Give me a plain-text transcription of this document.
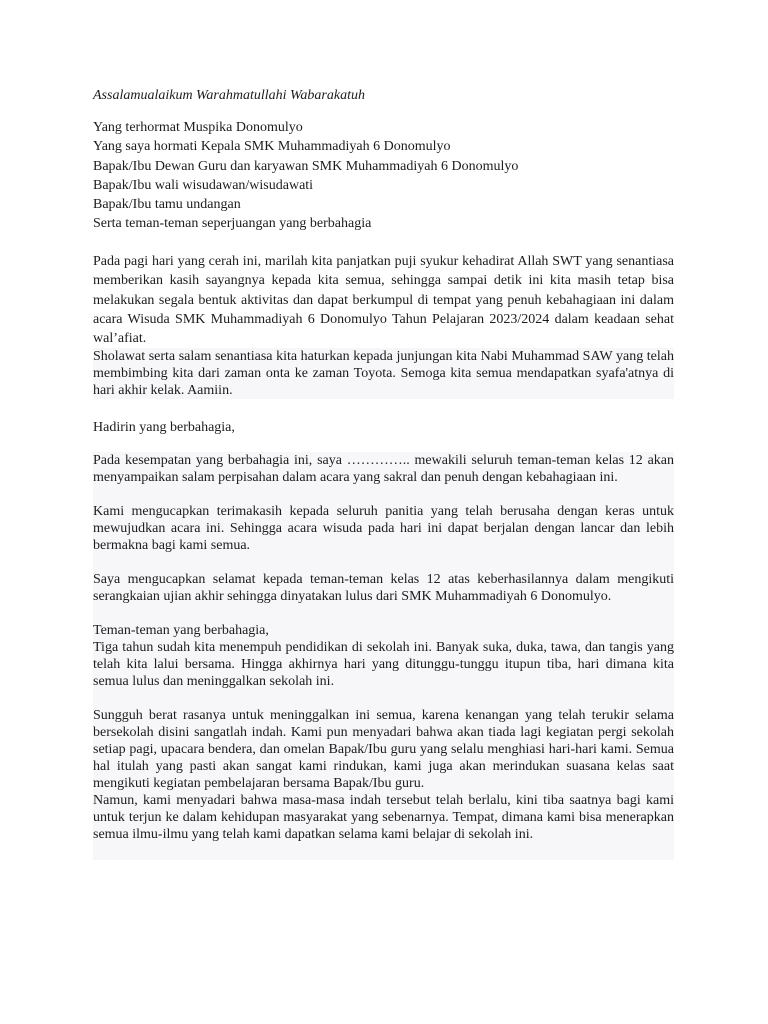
Assalamualaikum Warahmatullahi Wabarakatuh

Yang terhormat Muspika Donomulyo
Yang saya hormati Kepala SMK Muhammadiyah 6 Donomulyo
Bapak/Ibu Dewan Guru dan karyawan SMK Muhammadiyah 6 Donomulyo
Bapak/Ibu wali wisudawan/wisudawati
Bapak/Ibu tamu undangan
Serta teman-teman seperjuangan yang berbahagia

Pada pagi hari yang cerah ini, marilah kita panjatkan puji syukur kehadirat Allah SWT yang senantiasa memberikan kasih sayangnya kepada kita semua, sehingga sampai detik ini kita masih tetap bisa melakukan segala bentuk aktivitas dan dapat berkumpul di tempat yang penuh kebahagiaan ini dalam acara Wisuda SMK Muhammadiyah 6 Donomulyo Tahun Pelajaran 2023/2024 dalam keadaan sehat wal’afiat.

Sholawat serta salam senantiasa kita haturkan kepada junjungan kita Nabi Muhammad SAW yang telah membimbing kita dari zaman onta ke zaman Toyota. Semoga kita semua mendapatkan syafa'atnya di hari akhir kelak. Aamiin.

Hadirin yang berbahagia,

Pada kesempatan yang berbahagia ini, saya ………….. mewakili seluruh teman-teman kelas 12 akan menyampaikan salam perpisahan dalam acara yang sakral dan penuh dengan kebahagiaan ini.

Kami mengucapkan terimakasih kepada seluruh panitia yang telah berusaha dengan keras untuk mewujudkan acara ini. Sehingga acara wisuda pada hari ini dapat berjalan dengan lancar dan lebih bermakna bagi kami semua.

Saya mengucapkan selamat kepada teman-teman kelas 12 atas keberhasilannya dalam mengikuti serangkaian ujian akhir sehingga dinyatakan lulus dari SMK Muhammadiyah 6 Donomulyo.

Teman-teman yang berbahagia,

Tiga tahun sudah kita menempuh pendidikan di sekolah ini. Banyak suka, duka, tawa, dan tangis yang telah kita lalui bersama. Hingga akhirnya hari yang ditunggu-tunggu itupun tiba, hari dimana kita semua lulus dan meninggalkan sekolah ini.

Sungguh berat rasanya untuk meninggalkan ini semua, karena kenangan yang telah terukir selama bersekolah disini sangatlah indah. Kami pun menyadari bahwa akan tiada lagi kegiatan pergi sekolah setiap pagi, upacara bendera, dan omelan Bapak/Ibu guru yang selalu menghiasi hari-hari kami. Semua hal itulah yang pasti akan sangat kami rindukan, kami juga akan merindukan suasana kelas saat mengikuti kegiatan pembelajaran bersama Bapak/Ibu guru.

Namun, kami menyadari bahwa masa-masa indah tersebut telah berlalu, kini tiba saatnya bagi kami untuk terjun ke dalam kehidupan masyarakat yang sebenarnya. Tempat, dimana kami bisa menerapkan semua ilmu-ilmu yang telah kami dapatkan selama kami belajar di sekolah ini.
